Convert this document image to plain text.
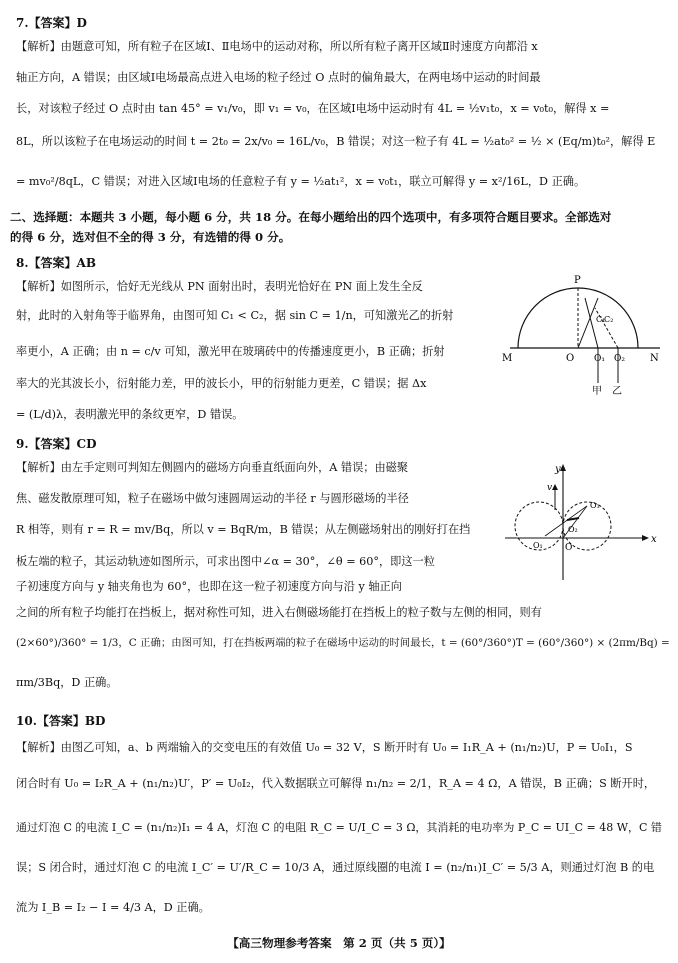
7.【答案】D
【解析】由题意可知，所有粒子在区域Ⅰ、Ⅱ电场中的运动对称，所以所有粒子离开区域Ⅱ时速度方向都沿 x
轴正方向，A 错误；由区域Ⅰ电场最高点进入电场的粒子经过 O 点时的偏角最大，在两电场中运动的时间最
长，对该粒子经过 O 点时由 tan 45° = v₁/v₀，即 v₁ = v₀，在区域Ⅰ电场中运动时有 4L = ½v₁t₀，x = v₀t₀，解得 x =
8L，所以该粒子在电场运动的时间 t = 2t₀ = 2x/v₀ = 16L/v₀，B 错误；对这一粒子有 4L = ½at₀² = ½ × (Eq/m)t₀²，解得 E
= mv₀²/8qL，C 错误；对进入区域Ⅰ电场的任意粒子有 y = ½at₁²，x = v₀t₁，联立可解得 y = x²/16L，D 正确。
二、选择题：本题共 3 小题，每小题 6 分，共 18 分。在每小题给出的四个选项中，有多项符合题目要求。全部选对
的得 6 分，选对但不全的得 3 分，有选错的得 0 分。
8.【答案】AB
【解析】如图所示，恰好无光线从 PN 面射出时，表明光恰好在 PN 面上发生全反
射，此时的入射角等于临界角，由图可知 C₁ < C₂，据 sin C = 1/n，可知激光乙的折射
率更小，A 正确；由 n = c/v 可知，激光甲在玻璃砖中的传播速度更小，B 正确；折射
率大的光其波长小，衍射能力差，甲的波长小，甲的衍射能力更差，C 错误；据 Δx
= (L/d)λ，表明激光甲的条纹更窄，D 错误。
P
M	N
O O₁ O₂
C₁
C₂
甲 乙
9.【答案】CD
【解析】由左手定则可判知左侧圆内的磁场方向垂直纸面向外，A 错误；由磁聚
焦、磁发散原理可知，粒子在磁场中做匀速圆周运动的半径 r 与圆形磁场的半径
R 相等，则有 r = R = mv/Bq，所以 v = BqR/m，B 错误；从左侧磁场射出的刚好打在挡
板左端的粒子，其运动轨迹如图所示，可求出图中∠α = 30°，∠θ = 60°，即这一粒
子初速度方向与 y 轴夹角也为 60°，也即在这一粒子初速度方向与沿 y 轴正向
之间的所有粒子均能打在挡板上，据对称性可知，进入右侧磁场能打在挡板上的粒子数与左侧的相同，则有
(2×60°)/360° = 1/3，C 正确；由图可知，打在挡板两端的粒子在磁场中运动的时间最长，t = (60°/360°)T = (60°/360°) × (2πm/Bq) =
πm/3Bq，D 正确。
y
x
v
O
O₁
O₂
O₃
10.【答案】BD
【解析】由图乙可知，a、b 两端输入的交变电压的有效值 U₀ = 32 V，S 断开时有 U₀ = I₁R_A + (n₁/n₂)U，P = U₀I₁，S
闭合时有 U₀ = I₂R_A + (n₁/n₂)U′，P′ = U₀I₂，代入数据联立可解得 n₁/n₂ = 2/1，R_A = 4 Ω，A 错误，B 正确；S 断开时，
通过灯泡 C 的电流 I_C = (n₁/n₂)I₁ = 4 A，灯泡 C 的电阻 R_C = U/I_C = 3 Ω，其消耗的电功率为 P_C = UI_C = 48 W，C 错
误；S 闭合时，通过灯泡 C 的电流 I_C′ = U′/R_C = 10/3 A，通过原线圈的电流 I = (n₂/n₁)I_C′ = 5/3 A，则通过灯泡 B 的电
流为 I_B = I₂ − I = 4/3 A，D 正确。
【高三物理参考答案　第 2 页（共 5 页）】
